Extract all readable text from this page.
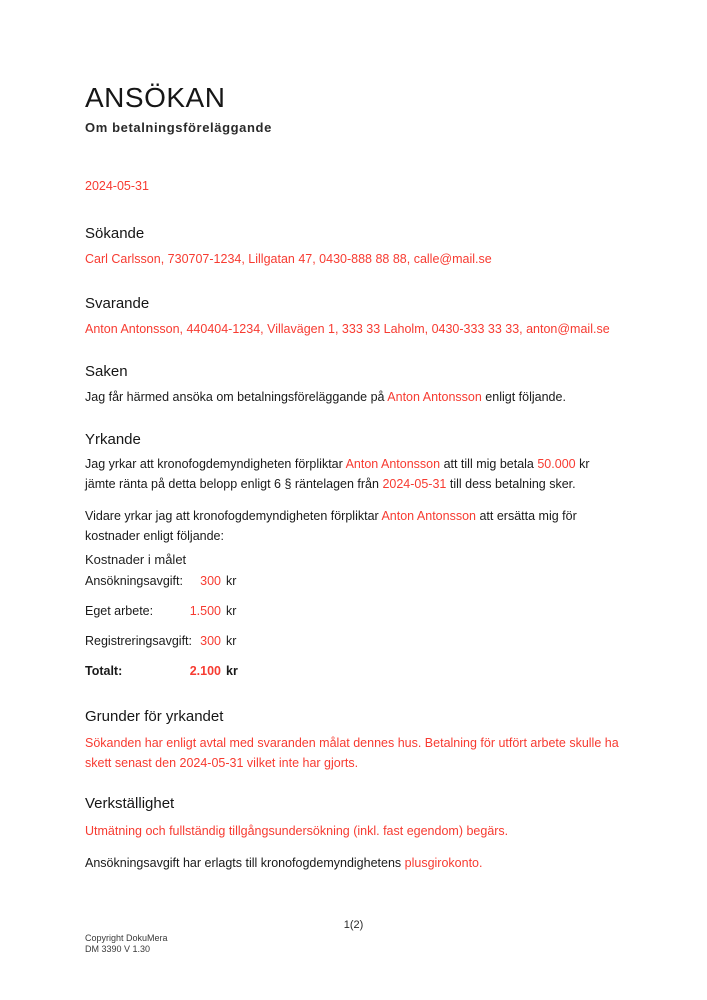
ANSÖKAN
Om betalningsföreläggande
2024-05-31
Sökande
Carl Carlsson, 730707-1234, Lillgatan 47, 0430-888 88 88, calle@mail.se
Svarande
Anton Antonsson, 440404-1234, Villavägen 1, 333 33 Laholm, 0430-333 33 33, anton@mail.se
Saken
Jag får härmed ansöka om betalningsföreläggande på Anton Antonsson enligt följande.
Yrkande
Jag yrkar att kronofogdemyndigheten förpliktar Anton Antonsson att till mig betala 50.000 kr
jämte ränta på detta belopp enligt 6 § räntelagen från 2024-05-31 till dess betalning sker.
Vidare yrkar jag att kronofogdemyndigheten förpliktar Anton Antonsson att ersätta mig för
kostnader enligt följande:
Kostnader i målet
Ansökningsavgift:	300 kr
Eget arbete:	1.500 kr
Registreringsavgift: 300 kr
Totalt:	2.100 kr
Grunder för yrkandet
Sökanden har enligt avtal med svaranden målat dennes hus. Betalning för utfört arbete skulle ha
skett senast den 2024-05-31 vilket inte har gjorts.
Verkställighet
Utmätning och fullständig tillgångsundersökning (inkl. fast egendom) begärs.
Ansökningsavgift har erlagts till kronofogdemyndighetens plusgirokonto.
1(2)
Copyright DokuMera
DM 3390 V 1.30
